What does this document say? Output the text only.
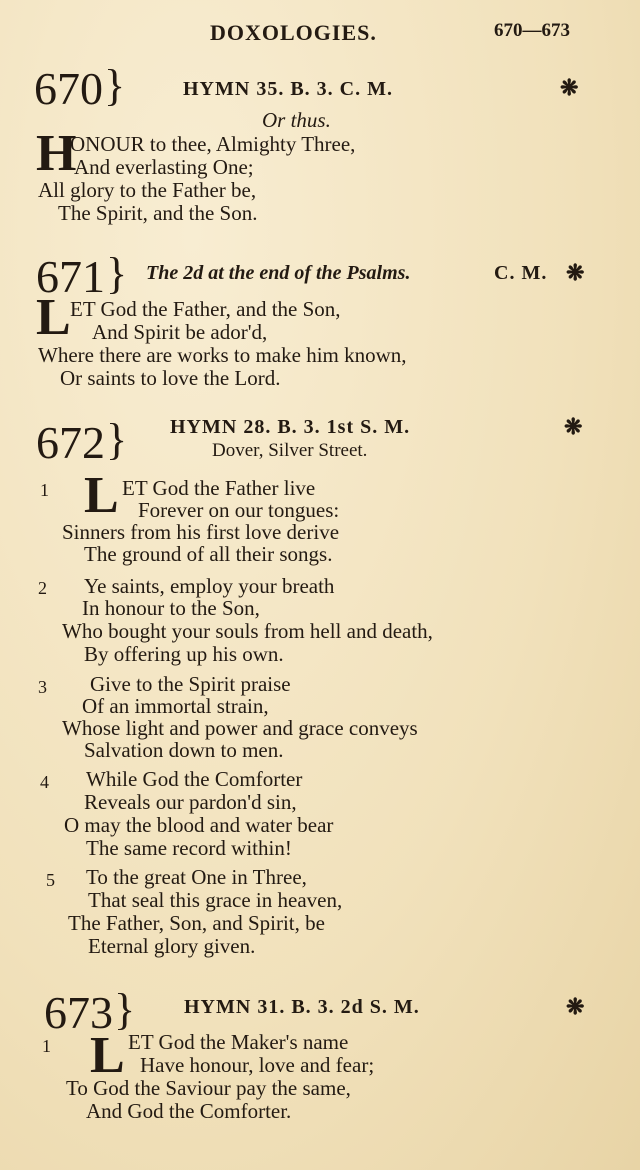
DOXOLOGIES.	670—673
670 }	HYMN 35. B. 3. C. M.	❋
Or thus.
H
ONOUR to thee, Almighty Three,
And everlasting One;
All glory to the Father be,
The Spirit, and the Son.
671 } The 2d at the end of the Psalms.	C. M. ❋
L ET God the Father, and the Son,
And Spirit be ador'd,
Where there are works to make him known,
Or saints to love the Lord.
672 } HYMN 28. B. 3. 1st S. M.	❋
Dover, Silver Street.
1 L ET God the Father live
Forever on our tongues:
Sinners from his first love derive
The ground of all their songs.
2 Ye saints, employ your breath
In honour to the Son,
Who bought your souls from hell and death,
By offering up his own.
3 Give to the Spirit praise
Of an immortal strain,
Whose light and power and grace conveys
Salvation down to men.
4 While God the Comforter
Reveals our pardon'd sin,
O may the blood and water bear
The same record within!
5 To the great One in Three,
That seal this grace in heaven,
The Father, Son, and Spirit, be
Eternal glory given.
673 } HYMN 31. B. 3. 2d S. M.	❋
1 L ET God the Maker's name
Have honour, love and fear;
To God the Saviour pay the same,
And God the Comforter.
